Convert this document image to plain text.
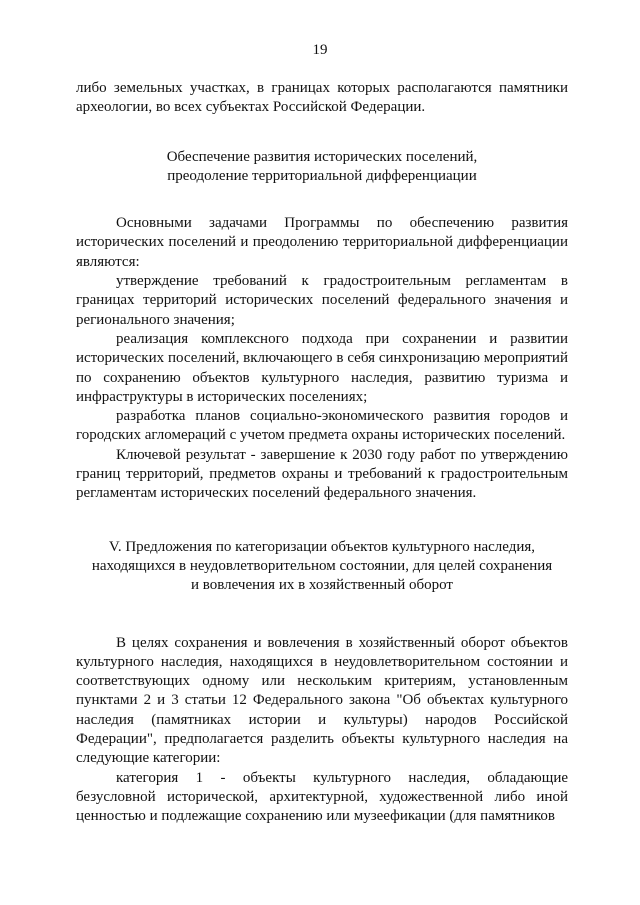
19

либо земельных участках, в границах которых располагаются памятники археологии, во всех субъектах Российской Федерации.

Обеспечение развития исторических поселений,

преодоление территориальной дифференциации

Основными задачами Программы по обеспечению развития исторических поселений и преодолению территориальной дифференциации являются:

утверждение требований к градостроительным регламентам в границах территорий исторических поселений федерального значения и регионального значения;

реализация комплексного подхода при сохранении и развитии исторических поселений, включающего в себя синхронизацию мероприятий по сохранению объектов культурного наследия, развитию туризма и инфраструктуры в исторических поселениях;

разработка планов социально-экономического развития городов и городских агломераций с учетом предмета охраны исторических поселений.

Ключевой результат - завершение к 2030 году работ по утверждению границ территорий, предметов охраны и требований к градостроительным регламентам исторических поселений федерального значения.

V. Предложения по категоризации объектов культурного наследия,

находящихся в неудовлетворительном состоянии, для целей сохранения

и вовлечения их в хозяйственный оборот

В целях сохранения и вовлечения в хозяйственный оборот объектов культурного наследия, находящихся в неудовлетворительном состоянии и соответствующих одному или нескольким критериям, установленным пунктами 2 и 3 статьи 12 Федерального закона "Об объектах культурного наследия (памятниках истории и культуры) народов Российской Федерации", предполагается разделить объекты культурного наследия на следующие категории:

категория 1 - объекты культурного наследия, обладающие безусловной исторической, архитектурной, художественной либо иной ценностью и подлежащие сохранению или музеефикации (для памятников
